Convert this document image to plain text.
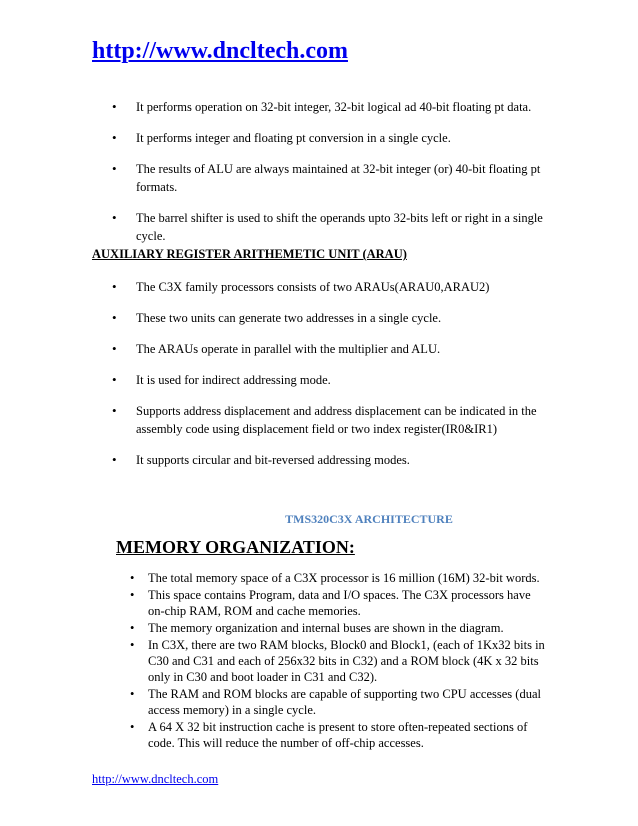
http://www.dncltech.com
• It performs operation on 32-bit integer, 32-bit logical ad 40-bit floating pt data.
• It performs integer and floating pt conversion in a single cycle.
• The results of ALU are always maintained at 32-bit integer (or) 40-bit floating pt formats.
• The barrel shifter is used to shift the operands upto 32-bits left or right in a single cycle.
AUXILIARY REGISTER ARITHEMETIC UNIT (ARAU)
• The C3X family processors consists of two ARAUs(ARAU0,ARAU2)
• These two units can generate two addresses in a single cycle.
• The ARAUs operate in parallel with the multiplier and ALU.
• It is used for indirect addressing mode.
• Supports address displacement and address displacement can be indicated in the assembly code using displacement field or two index register(IR0&IR1)
• It supports circular and bit-reversed addressing modes.
TMS320C3X ARCHITECTURE
MEMORY ORGANIZATION:
• The total memory space of a C3X processor is 16 million (16M) 32-bit words.
• This space contains Program, data and I/O spaces. The C3X processors have on-chip RAM, ROM and cache memories.
• The memory organization and internal buses are shown in the diagram.
• In C3X, there are two RAM blocks, Block0 and Block1, (each of 1Kx32 bits in C30 and C31 and each of 256x32 bits in C32) and a ROM block (4K x 32 bits only in C30 and boot loader in C31 and C32).
• The RAM and ROM blocks are capable of supporting two CPU accesses (dual access memory) in a single cycle.
• A 64 X 32 bit instruction cache is present to store often-repeated sections of code. This will reduce the number of off-chip accesses.
http://www.dncltech.com
